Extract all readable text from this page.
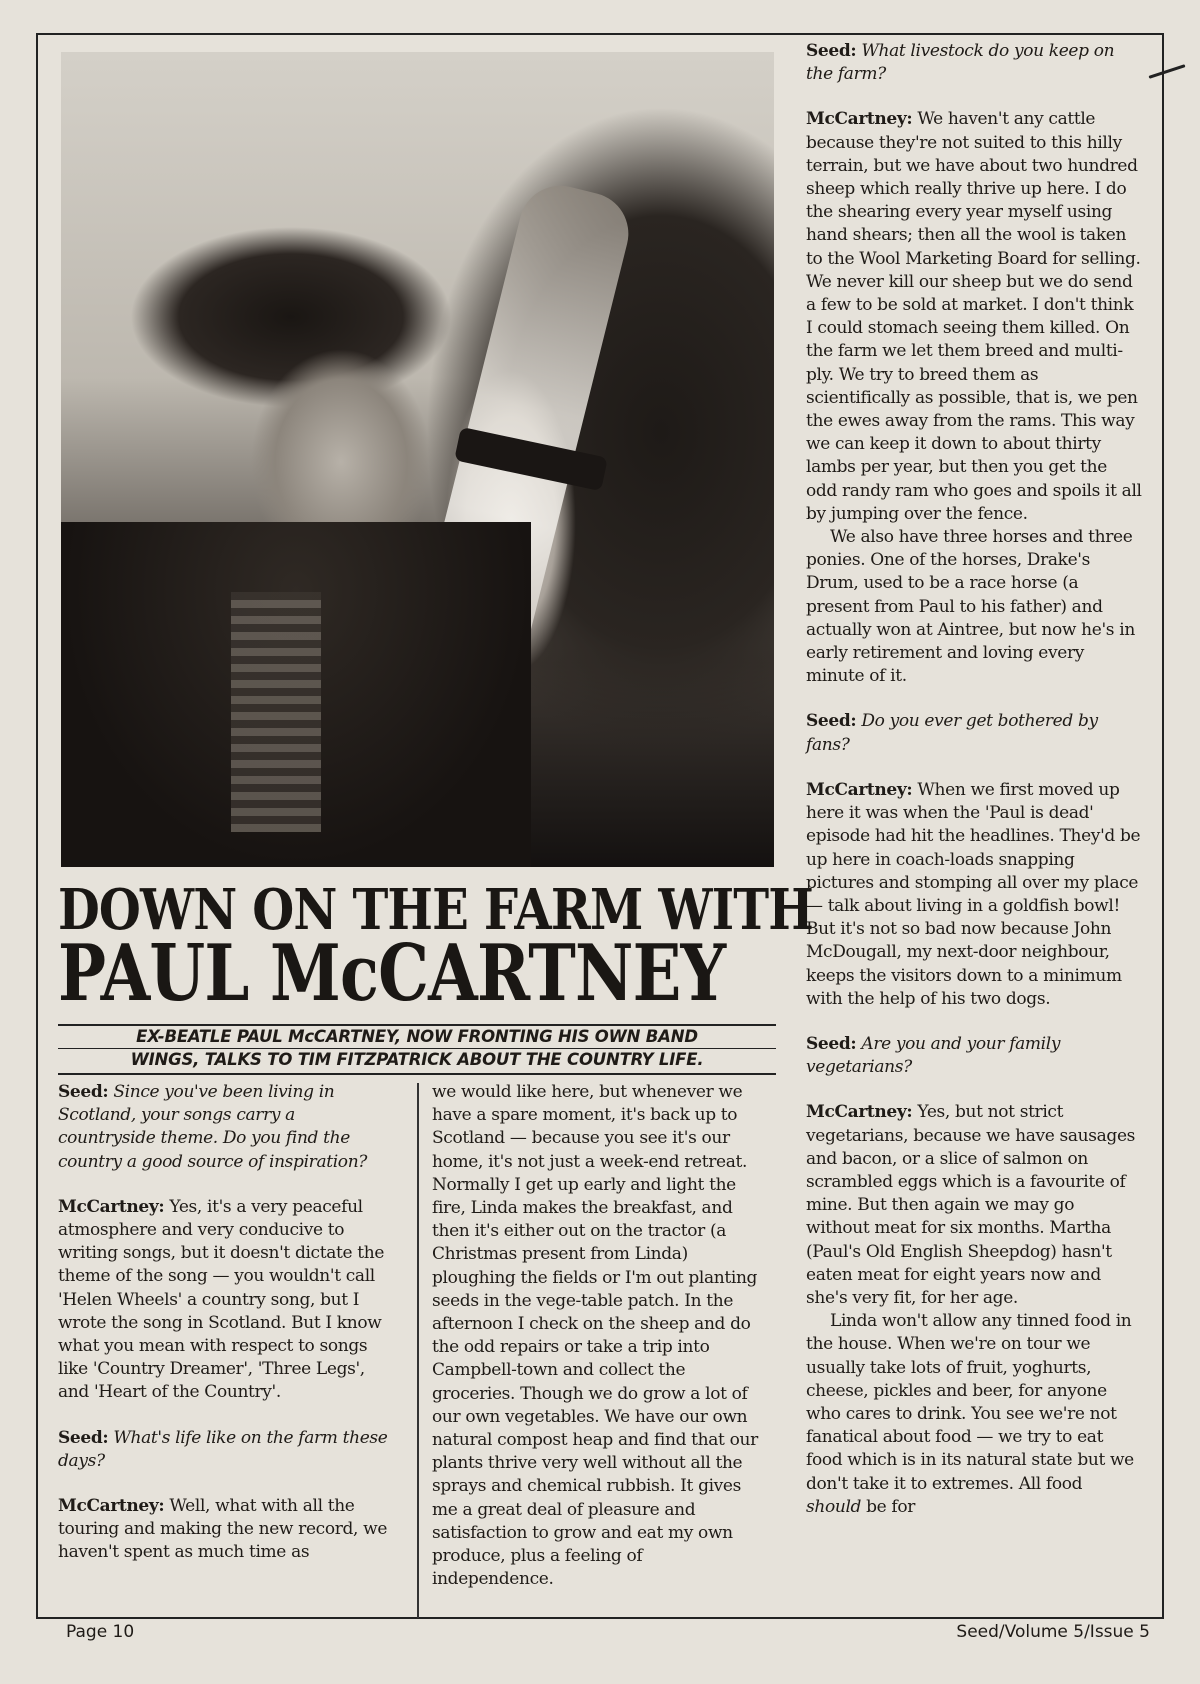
DOWN ON THE FARM WITH
PAUL McCARTNEY
EX-BEATLE PAUL McCARTNEY, NOW FRONTING HIS OWN BAND
WINGS, TALKS TO TIM FITZPATRICK ABOUT THE COUNTRY LIFE.

Seed: Since you've been living in Scotland, your songs carry a countryside theme. Do you find the country a good source of inspiration?

McCartney: Yes, it's a very peaceful atmosphere and very conducive to writing songs, but it doesn't dictate the theme of the song — you wouldn't call 'Helen Wheels' a country song, but I wrote the song in Scotland. But I know what you mean with respect to songs like 'Country Dreamer', 'Three Legs', and 'Heart of the Country'.

Seed: What's life like on the farm these days?

McCartney: Well, what with all the touring and making the new record, we haven't spent as much time as

we would like here, but whenever we have a spare moment, it's back up to Scotland — because you see it's our home, it's not just a week-end retreat. Normally I get up early and light the fire, Linda makes the breakfast, and then it's either out on the tractor (a Christmas present from Linda) ploughing the fields or I'm out planting seeds in the vege-table patch. In the afternoon I check on the sheep and do the odd repairs or take a trip into Campbell-town and collect the groceries. Though we do grow a lot of our own vegetables. We have our own natural compost heap and find that our plants thrive very well without all the sprays and chemical rubbish. It gives me a great deal of pleasure and satisfaction to grow and eat my own produce, plus a feeling of independence.

Seed: What livestock do you keep on the farm?

McCartney: We haven't any cattle because they're not suited to this hilly terrain, but we have about two hundred sheep which really thrive up here. I do the shearing every year myself using hand shears; then all the wool is taken to the Wool Marketing Board for selling. We never kill our sheep but we do send a few to be sold at market. I don't think I could stomach seeing them killed. On the farm we let them breed and multi-ply. We try to breed them as scientifically as possible, that is, we pen the ewes away from the rams. This way we can keep it down to about thirty lambs per year, but then you get the odd randy ram who goes and spoils it all by jumping over the fence.

We also have three horses and three ponies. One of the horses, Drake's Drum, used to be a race horse (a present from Paul to his father) and actually won at Aintree, but now he's in early retirement and loving every minute of it.

Seed: Do you ever get bothered by fans?

McCartney: When we first moved up here it was when the 'Paul is dead' episode had hit the headlines. They'd be up here in coach-loads snapping pictures and stomping all over my place — talk about living in a goldfish bowl! But it's not so bad now because John McDougall, my next-door neighbour, keeps the visitors down to a minimum with the help of his two dogs.

Seed: Are you and your family vegetarians?

McCartney: Yes, but not strict vegetarians, because we have sausages and bacon, or a slice of salmon on scrambled eggs which is a favourite of mine. But then again we may go without meat for six months. Martha (Paul's Old English Sheepdog) hasn't eaten meat for eight years now and she's very fit, for her age.

Linda won't allow any tinned food in the house. When we're on tour we usually take lots of fruit, yoghurts, cheese, pickles and beer, for anyone who cares to drink. You see we're not fanatical about food — we try to eat food which is in its natural state but we don't take it to extremes. All food should be for

Page 10	Seed/Volume 5/Issue 5
